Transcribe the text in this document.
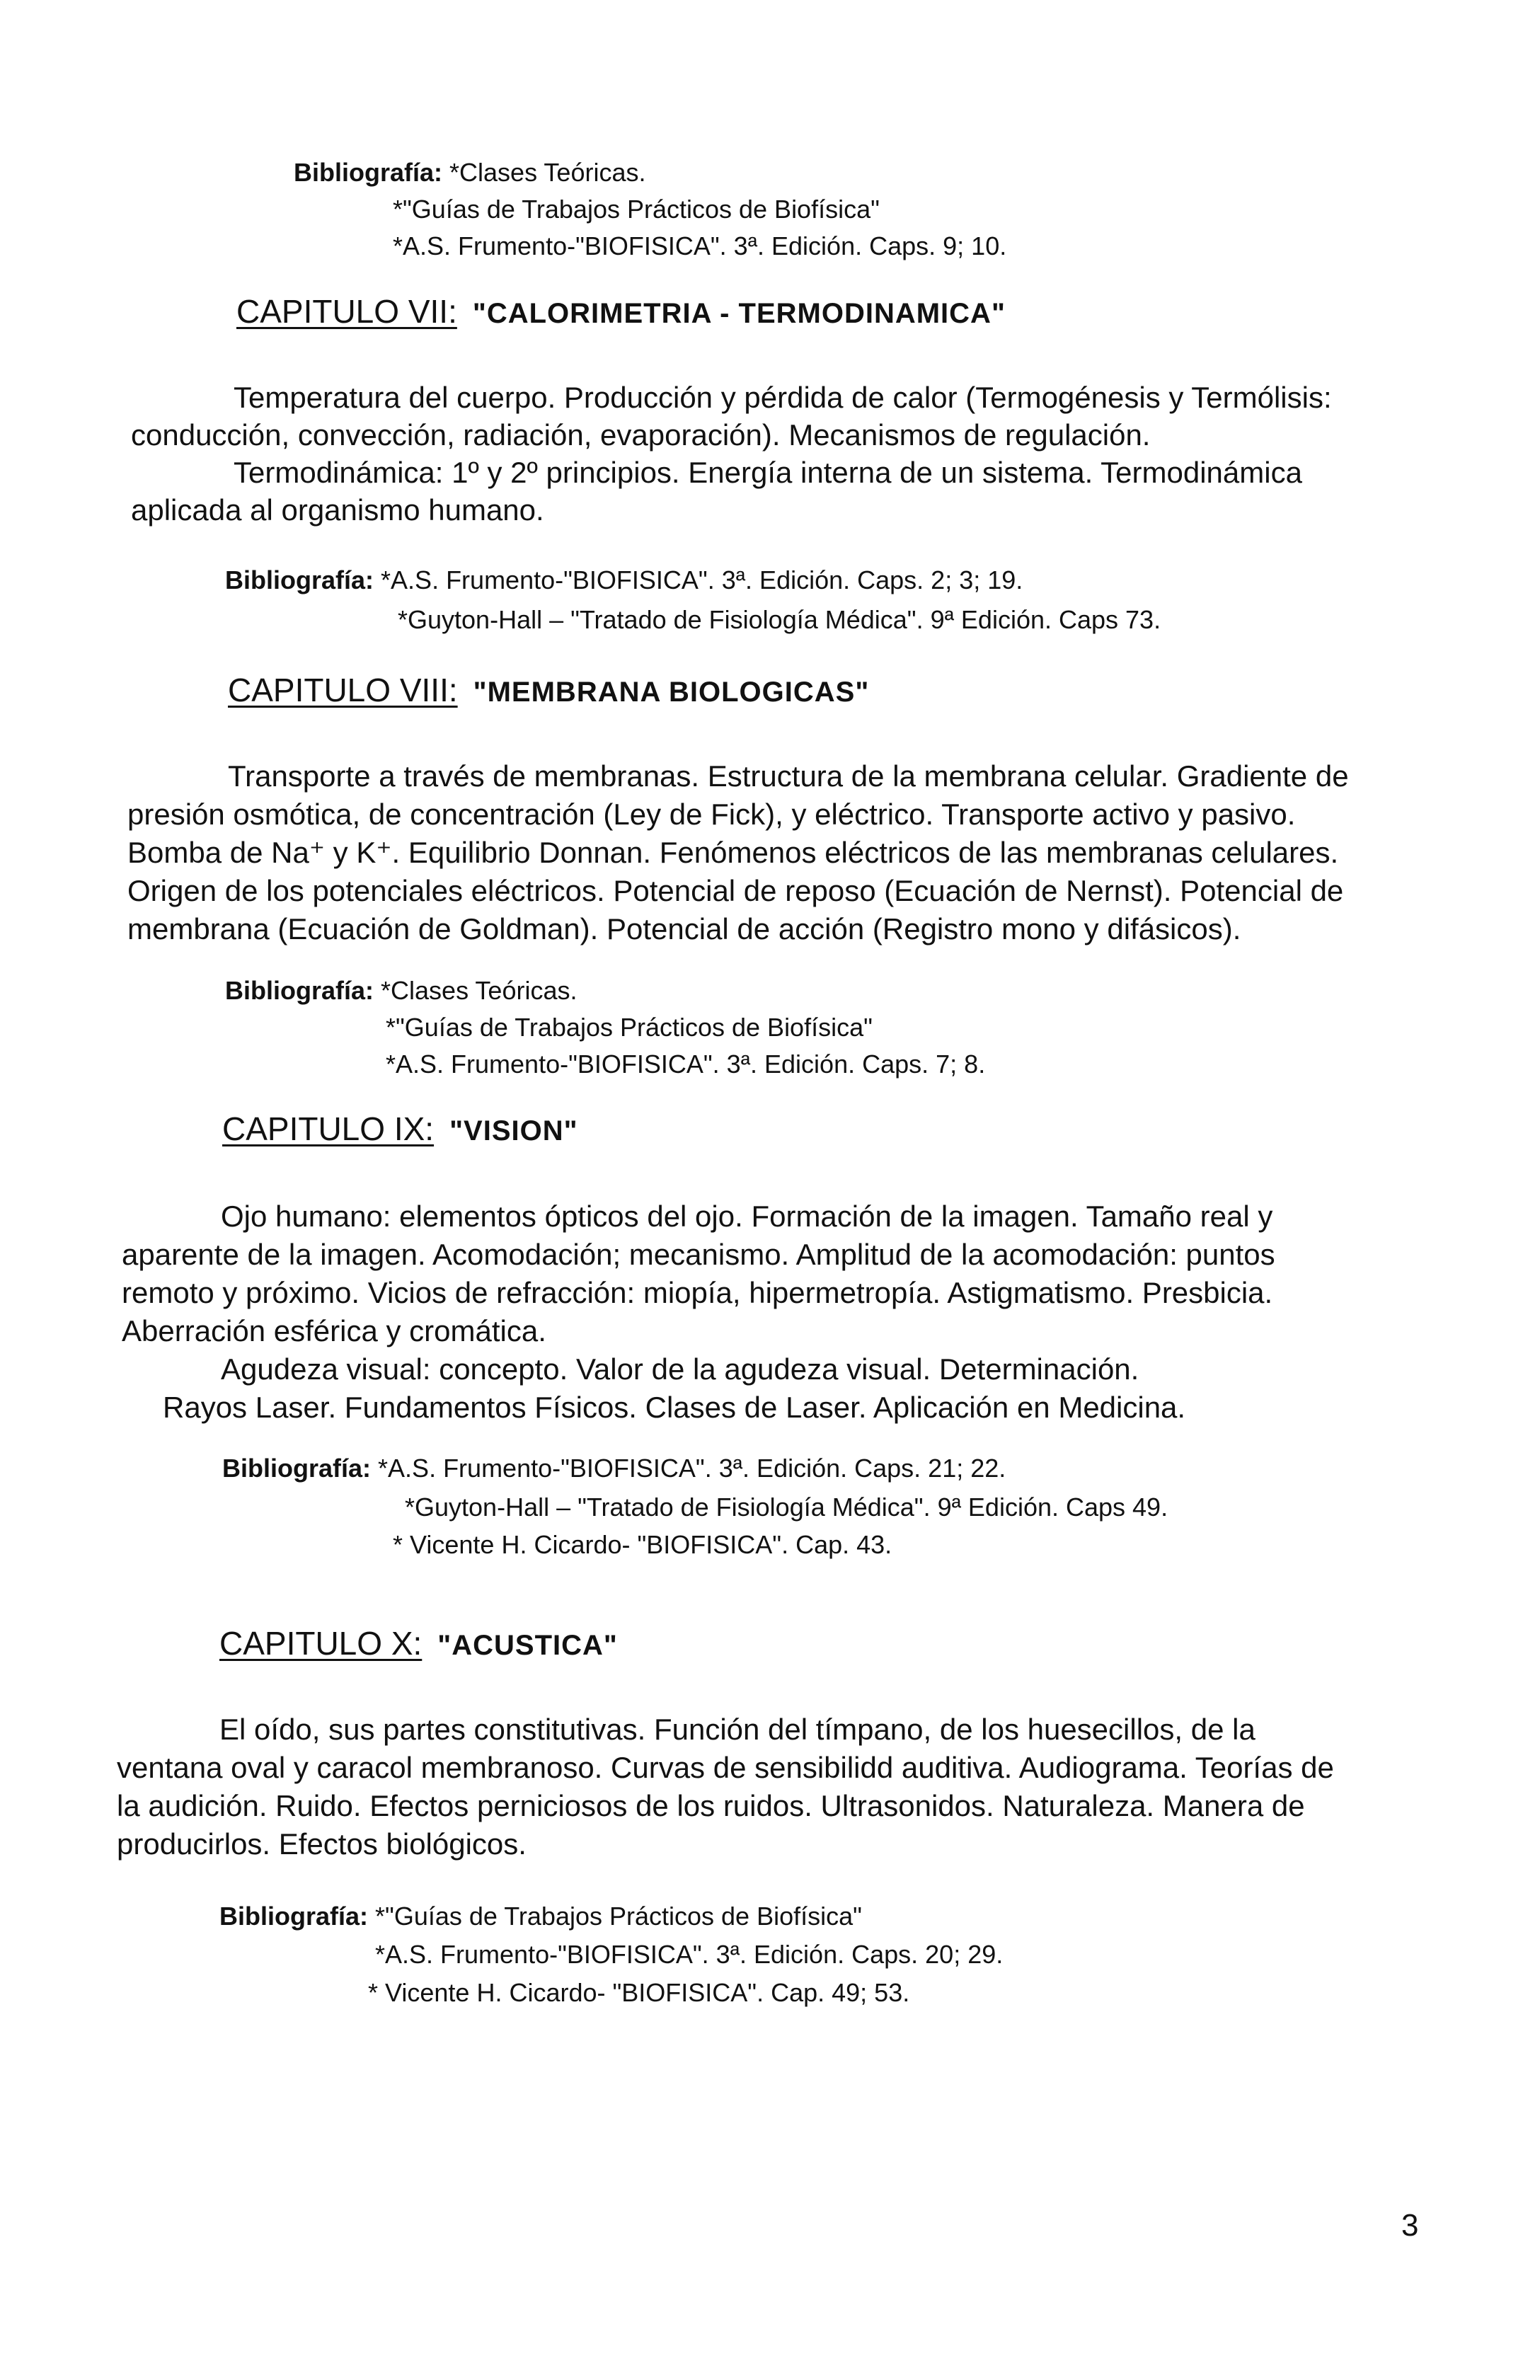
Bibliografía: *Clases Teóricas.
*"Guías de Trabajos Prácticos de Biofísica"
*A.S. Frumento-"BIOFISICA". 3ª. Edición. Caps. 9; 10.
CAPITULO VII: "CALORIMETRIA - TERMODINAMICA"
Temperatura del cuerpo. Producción y pérdida de calor (Termogénesis y Termólisis:
conducción, convección, radiación, evaporación). Mecanismos de regulación.
Termodinámica: 1º y 2º principios. Energía interna de un sistema. Termodinámica
aplicada al organismo humano.
Bibliografía: *A.S. Frumento-"BIOFISICA". 3ª. Edición. Caps. 2; 3; 19.
*Guyton-Hall – "Tratado de Fisiología Médica". 9ª Edición. Caps 73.
CAPITULO VIII: "MEMBRANA BIOLOGICAS"
Transporte a través de membranas. Estructura de la membrana celular. Gradiente de
presión osmótica, de concentración (Ley de Fick), y eléctrico. Transporte activo y pasivo.
Bomba de Na⁺ y K⁺. Equilibrio Donnan. Fenómenos eléctricos de las membranas celulares.
Origen de los potenciales eléctricos. Potencial de reposo (Ecuación de Nernst). Potencial de
membrana (Ecuación de Goldman). Potencial de acción (Registro mono y difásicos).
Bibliografía: *Clases Teóricas.
*"Guías de Trabajos Prácticos de Biofísica"
*A.S. Frumento-"BIOFISICA". 3ª. Edición. Caps. 7; 8.
CAPITULO IX: "VISION"
Ojo humano: elementos ópticos del ojo. Formación de la imagen. Tamaño real y
aparente de la imagen. Acomodación; mecanismo. Amplitud de la acomodación: puntos
remoto y próximo. Vicios de refracción: miopía, hipermetropía. Astigmatismo. Presbicia.
Aberración esférica y cromática.
Agudeza visual: concepto. Valor de la agudeza visual. Determinación.
Rayos Laser. Fundamentos Físicos. Clases de Laser. Aplicación en Medicina.
Bibliografía: *A.S. Frumento-"BIOFISICA". 3ª. Edición. Caps. 21; 22.
*Guyton-Hall – "Tratado de Fisiología Médica". 9ª Edición. Caps 49.
* Vicente H. Cicardo- "BIOFISICA". Cap. 43.
CAPITULO X: "ACUSTICA"
El oído, sus partes constitutivas. Función del tímpano, de los huesecillos, de la
ventana oval y caracol membranoso. Curvas de sensibilidd auditiva. Audiograma. Teorías de
la audición. Ruido. Efectos perniciosos de los ruidos. Ultrasonidos. Naturaleza. Manera de
producirlos. Efectos biológicos.
Bibliografía: *"Guías de Trabajos Prácticos de Biofísica"
*A.S. Frumento-"BIOFISICA". 3ª. Edición. Caps. 20; 29.
* Vicente H. Cicardo- "BIOFISICA". Cap. 49; 53.
3
